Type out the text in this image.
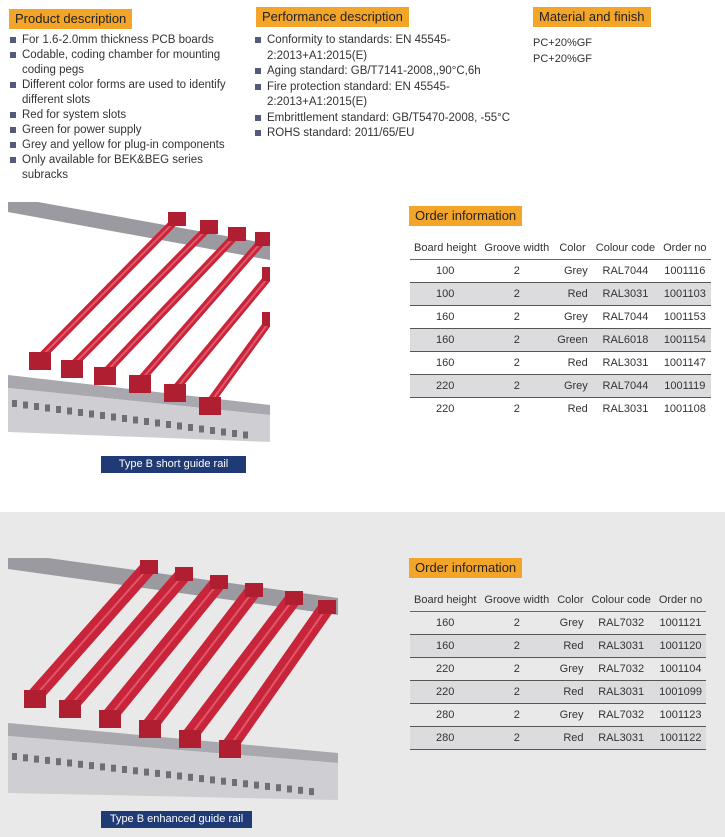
Product description	Performance description	Material and finish
For 1.6-2.0mm thickness PCB boards
Codable, coding chamber for mounting coding pegs
Different color forms are used to identify different slots
Red for system slots
Green for power supply
Grey and yellow for plug-in components
Only available for BEK&BEG series subracks
Conformity to standards: EN 45545-2:2013+A1:2015(E)
Aging standard: GB/T7141-2008,,90°C,6h
Fire protection standard: EN 45545-2:2013+A1:2015(E)
Embrittlement standard: GB/T5470-2008, -55°C
ROHS standard: 2011/65/EU
PC+20%GF
PC+20%GF
Type B short guide rail
Order information
Board height	Groove width	Color	Colour code	Order no
100	2	Grey	RAL7044	1001116
100	2	Red	RAL3031	1001103
160	2	Grey	RAL7044	1001153
160	2	Green	RAL6018	1001154
160	2	Red	RAL3031	1001147
220	2	Grey	RAL7044	1001119
220	2	Red	RAL3031	1001108
Type B enhanced guide rail
Order information
Board height	Groove width	Color	Colour code	Order no
160	2	Grey	RAL7032	1001121
160	2	Red	RAL3031	1001120
220	2	Grey	RAL7032	1001104
220	2	Red	RAL3031	1001099
280	2	Grey	RAL7032	1001123
280	2	Red	RAL3031	1001122
